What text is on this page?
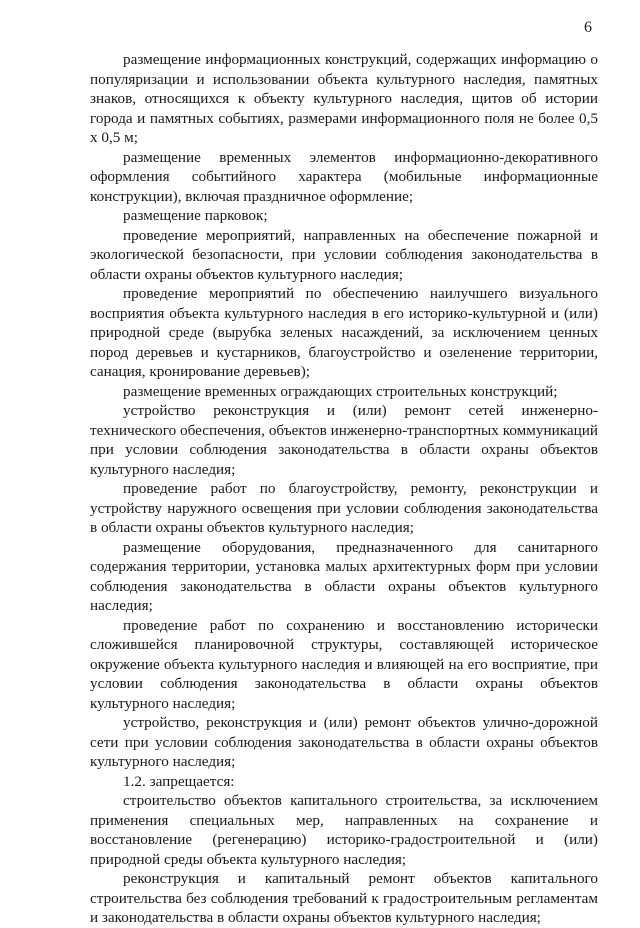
6

размещение информационных конструкций, содержащих информацию о популяризации и использовании объекта культурного наследия, памятных знаков, относящихся к объекту культурного наследия, щитов об истории города и памятных событиях, размерами информационного поля не более 0,5 х 0,5 м;

размещение временных элементов информационно-декоративного оформления событийного характера (мобильные информационные конструкции), включая праздничное оформление;

размещение парковок;

проведение мероприятий, направленных на обеспечение пожарной и экологической безопасности, при условии соблюдения законодательства в области охраны объектов культурного наследия;

проведение мероприятий по обеспечению наилучшего визуального восприятия объекта культурного наследия в его историко-культурной и (или) природной среде (вырубка зеленых насаждений, за исключением ценных пород деревьев и кустарников, благоустройство и озеленение территории, санация, кронирование деревьев);

размещение временных ограждающих строительных конструкций;

устройство реконструкция и (или) ремонт сетей инженерно-технического обеспечения, объектов инженерно-транспортных коммуникаций при условии соблюдения законодательства в области охраны объектов культурного наследия;

проведение работ по благоустройству, ремонту, реконструкции и устройству наружного освещения при условии соблюдения законодательства в области охраны объектов культурного наследия;

размещение оборудования, предназначенного для санитарного содержания территории, установка малых архитектурных форм при условии соблюдения законодательства в области охраны объектов культурного наследия;

проведение работ по сохранению и восстановлению исторически сложившейся планировочной структуры, составляющей историческое окружение объекта культурного наследия и влияющей на его восприятие, при условии соблюдения законодательства в области охраны объектов культурного наследия;

устройство, реконструкция и (или) ремонт объектов улично-дорожной сети при условии соблюдения законодательства в области охраны объектов культурного наследия;

1.2. запрещается:

строительство объектов капитального строительства, за исключением применения специальных мер, направленных на сохранение и восстановление (регенерацию) историко-градостроительной и (или) природной среды объекта культурного наследия;

реконструкция и капитальный ремонт объектов капитального строительства без соблюдения требований к градостроительным регламентам и законодательства в области охраны объектов культурного наследия;
